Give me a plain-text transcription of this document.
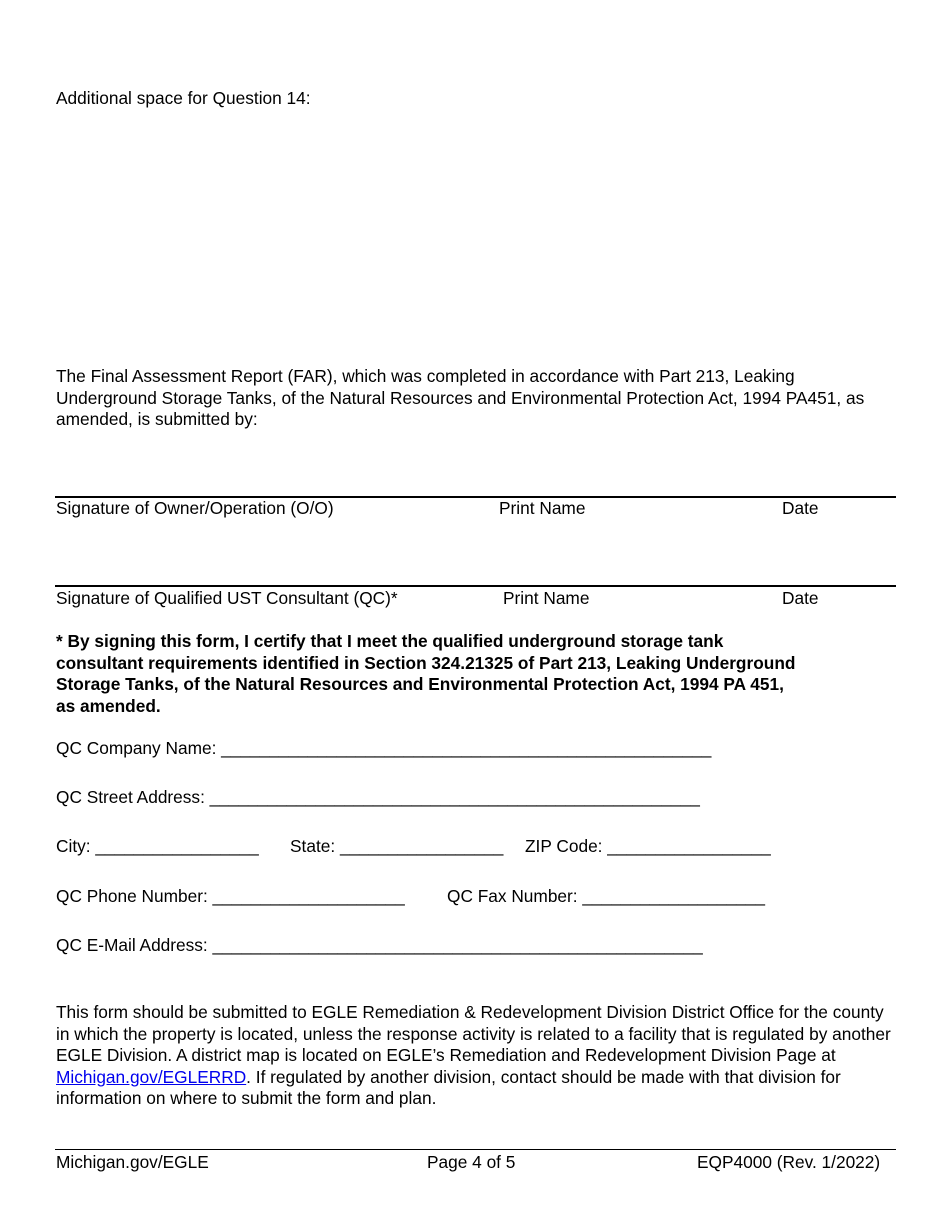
Additional space for Question 14:
The Final Assessment Report (FAR), which was completed in accordance with Part 213, Leaking Underground Storage Tanks, of the Natural Resources and Environmental Protection Act, 1994 PA451, as amended, is submitted by:
Signature of Owner/Operation (O/O)	Print Name	Date
Signature of Qualified UST Consultant (QC)*	Print Name	Date
* By signing this form, I certify that I meet the qualified underground storage tank consultant requirements identified in Section 324.21325 of Part 213, Leaking Underground Storage Tanks, of the Natural Resources and Environmental Protection Act, 1994 PA 451, as amended.
QC Company Name: ___________________________________________________
QC Street Address: ___________________________________________________
City: _________________ State: _________________ ZIP Code: _________________
QC Phone Number: ____________________ QC Fax Number: ___________________
QC E-Mail Address: ___________________________________________________
This form should be submitted to EGLE Remediation & Redevelopment Division District Office for the county in which the property is located, unless the response activity is related to a facility that is regulated by another EGLE Division. A district map is located on EGLE’s Remediation and Redevelopment Division Page at Michigan.gov/EGLERRD. If regulated by another division, contact should be made with that division for information on where to submit the form and plan.
Michigan.gov/EGLE	Page 4 of 5	EQP4000 (Rev. 1/2022)
